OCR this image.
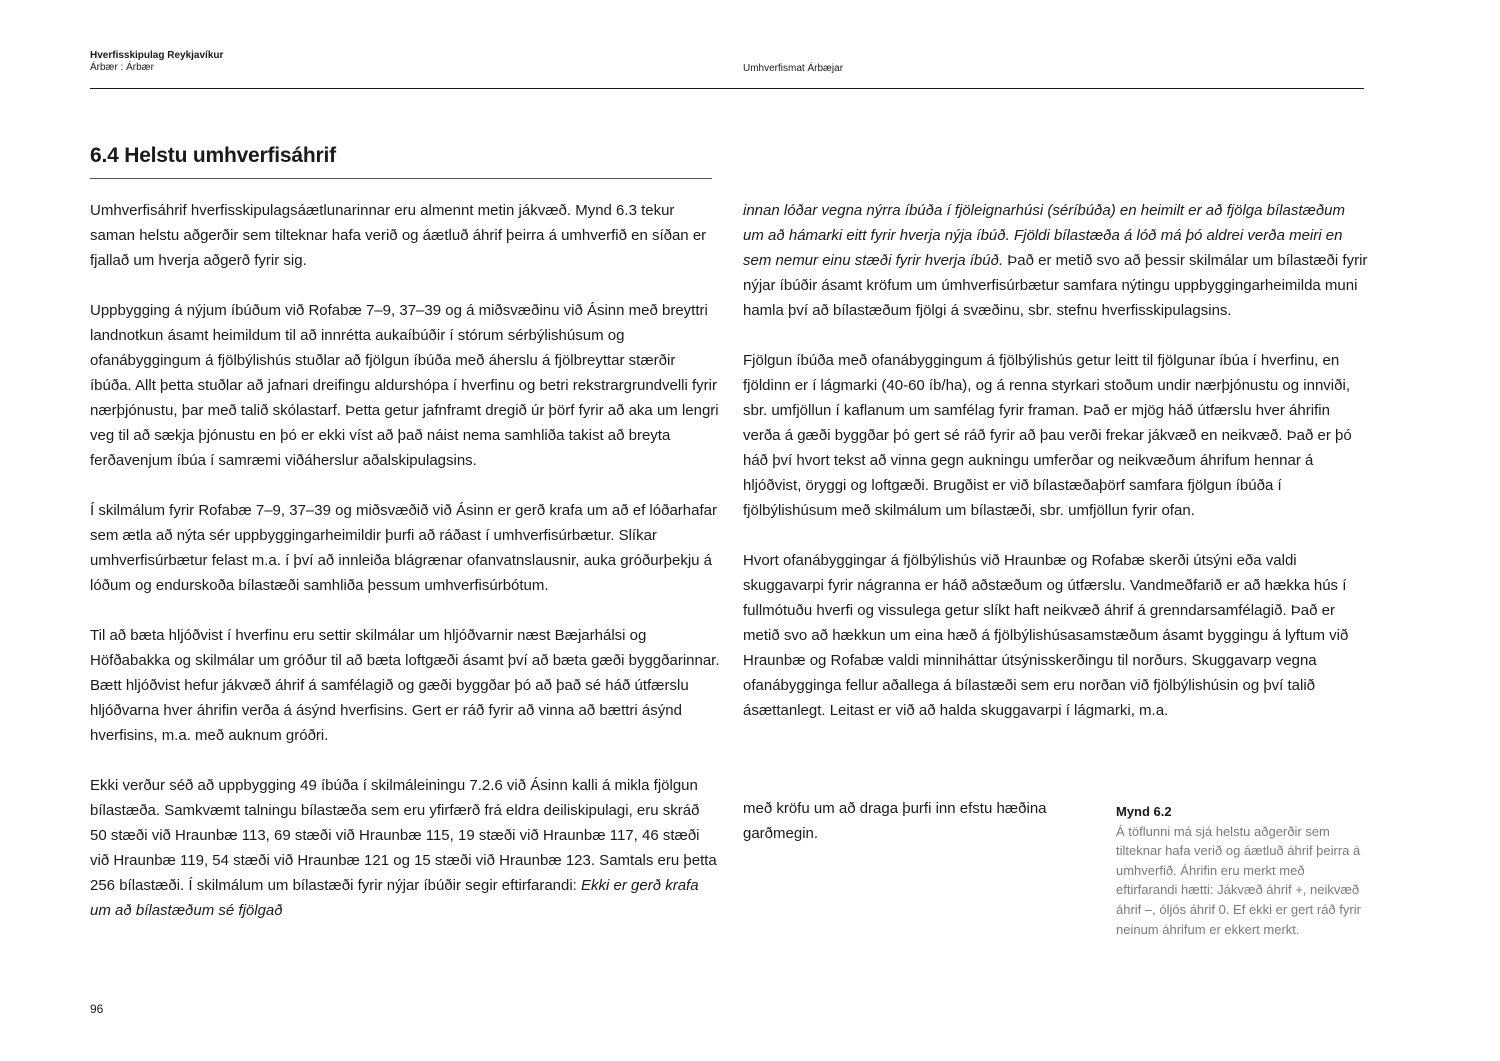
Hverfisskipulag Reykjavíkur
Árbær : Árbær	Umhverfismat Árbæjar
6.4 Helstu umhverfisáhrif

Umhverfisáhrif hverfisskipulagsáætlunarinnar eru almennt metin jákvæð. Mynd 6.3 tekur saman helstu aðgerðir sem tilteknar hafa verið og áætluð áhrif þeirra á umhverfið en síðan er fjallað um hverja aðgerð fyrir sig.

Uppbygging á nýjum íbúðum við Rofabæ 7–9, 37–39 og á miðsvæðinu við Ásinn með breyttri landnotkun ásamt heimildum til að innrétta aukaíbúðir í stórum sérbýlishúsum og ofanábyggingum á fjölbýlishús stuðlar að fjölgun íbúða með áherslu á fjölbreyttar stærðir íbúða. Allt þetta stuðlar að jafnari dreifingu aldurshópa í hverfinu og betri rekstrargrundvelli fyrir nærþjónustu, þar með talið skólastarf. Þetta getur jafnframt dregið úr þörf fyrir að aka um lengri veg til að sækja þjónustu en þó er ekki víst að það náist nema samhliða takist að breyta ferðavenjum íbúa í samræmi viðáherslur aðalskipulagsins.

Í skilmálum fyrir Rofabæ 7–9, 37–39 og miðsvæðið við Ásinn er gerð krafa um að ef lóðarhafar sem ætla að nýta sér uppbyggingarheimildir þurfi að ráðast í umhverfisúrbætur. Slíkar umhverfisúrbætur felast m.a. í því að innleiða blágrænar ofanvatnslausnir, auka gróðurþekju á lóðum og endurskoða bílastæði samhliða þessum umhverfisúrbótum.

Til að bæta hljóðvist í hverfinu eru settir skilmálar um hljóðvarnir næst Bæjarhálsi og Höfðabakka og skilmálar um gróður til að bæta loftgæði ásamt því að bæta gæði byggðarinnar. Bætt hljóðvist hefur jákvæð áhrif á samfélagið og gæði byggðar þó að það sé háð útfærslu hljóðvarna hver áhrifin verða á ásýnd hverfisins. Gert er ráð fyrir að vinna að bættri ásýnd hverfisins, m.a. með auknum gróðri.

Ekki verður séð að uppbygging 49 íbúða í skilmáleiningu 7.2.6 við Ásinn kalli á mikla fjölgun bílastæða. Samkvæmt talningu bílastæða sem eru yfirfærð frá eldra deiliskipulagi, eru skráð 50 stæði við Hraunbæ 113, 69 stæði við Hraunbæ 115, 19 stæði við Hraunbæ 117, 46 stæði við Hraunbæ 119, 54 stæði við Hraunbæ 121 og 15 stæði við Hraunbæ 123. Samtals eru þetta 256 bílastæði. Í skilmálum um bílastæði fyrir nýjar íbúðir segir eftirfarandi: Ekki er gerð krafa um að bílastæðum sé fjölgað

innan lóðar vegna nýrra íbúða í fjöleignarhúsi (séríbúða) en heimilt er að fjölga bílastæðum um að hámarki eitt fyrir hverja nýja íbúð. Fjöldi bílastæða á lóð má þó aldrei verða meiri en sem nemur einu stæði fyrir hverja íbúð. Það er metið svo að þessir skilmálar um bílastæði fyrir nýjar íbúðir ásamt kröfum um úmhverfisúrbætur samfara nýtingu uppbyggingarheimilda muni hamla því að bílastæðum fjölgi á svæðinu, sbr. stefnu hverfisskipulagsins.

Fjölgun íbúða með ofanábyggingum á fjölbýlishús getur leitt til fjölgunar íbúa í hverfinu, en fjöldinn er í lágmarki (40-60 íb/ha), og á renna styrkari stoðum undir nærþjónustu og innviði, sbr. umfjöllun í kaflanum um samfélag fyrir framan. Það er mjög háð útfærslu hver áhrifin verða á gæði byggðar þó gert sé ráð fyrir að þau verði frekar jákvæð en neikvæð. Það er þó háð því hvort tekst að vinna gegn aukningu umferðar og neikvæðum áhrifum hennar á hljóðvist, öryggi og loftgæði. Brugðist er við bílastæðaþörf samfara fjölgun íbúða í fjölbýlishúsum með skilmálum um bílastæði, sbr. umfjöllun fyrir ofan.

Hvort ofanábyggingar á fjölbýlishús við Hraunbæ og Rofabæ skerði útsýni eða valdi skuggavarpi fyrir nágranna er háð aðstæðum og útfærslu. Vandmeðfarið er að hækka hús í fullmótuðu hverfi og vissulega getur slíkt haft neikvæð áhrif á grenndarsamfélagið. Það er metið svo að hækkun um eina hæð á fjölbýlishúsasamstæðum ásamt byggingu á lyftum við Hraunbæ og Rofabæ valdi minniháttar útsýnisskerðingu til norðurs. Skuggavarp vegna ofanábygginga fellur aðallega á bílastæði sem eru norðan við fjölbýlishúsin og því talið ásættanlegt. Leitast er við að halda skuggavarpi í lágmarki, m.a.

með kröfu um að draga þurfi inn efstu hæðina garðmegin.
Mynd 6.2
Á töflunni má sjá helstu aðgerðir sem tilteknar hafa verið og áætluð áhrif þeirra á umhverfið. Áhrifin eru merkt með eftirfarandi hætti: Jákvæð áhrif +, neikvæð áhrif –, óljós áhrif 0. Ef ekki er gert ráð fyrir neinum áhrifum er ekkert merkt.
96
